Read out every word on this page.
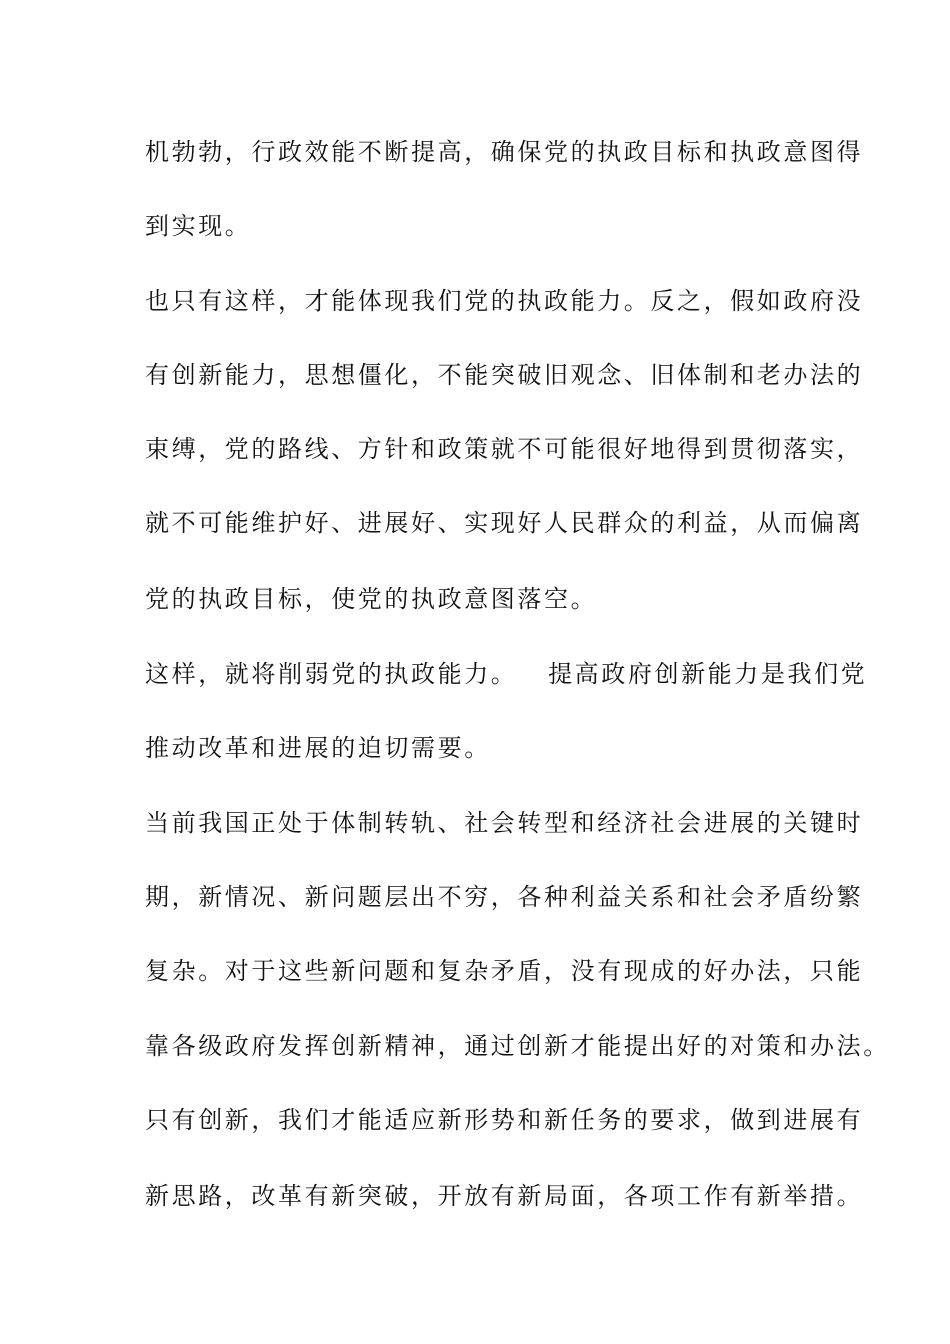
机勃勃，行政效能不断提高，确保党的执政目标和执政意图得
到实现。
也只有这样，才能体现我们党的执政能力。反之，假如政府没
有创新能力，思想僵化，不能突破旧观念、旧体制和老办法的
束缚，党的路线、方针和政策就不可能很好地得到贯彻落实，
就不可能维护好、进展好、实现好人民群众的利益，从而偏离
党的执政目标，使党的执政意图落空。
这样，就将削弱党的执政能力。   提高政府创新能力是我们党
推动改革和进展的迫切需要。
当前我国正处于体制转轨、社会转型和经济社会进展的关键时
期，新情况、新问题层出不穷，各种利益关系和社会矛盾纷繁
复杂。对于这些新问题和复杂矛盾，没有现成的好办法，只能
靠各级政府发挥创新精神，通过创新才能提出好的对策和办法。
只有创新，我们才能适应新形势和新任务的要求，做到进展有
新思路，改革有新突破，开放有新局面，各项工作有新举措。
